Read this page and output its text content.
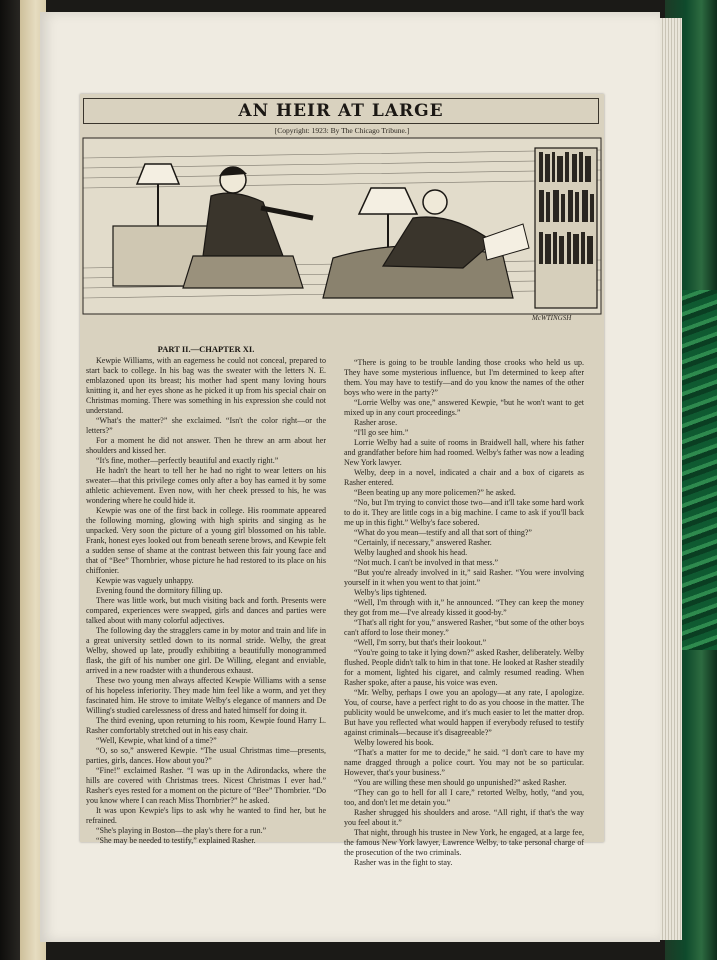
AN HEIR AT LARGE
[Copyright: 1923: By The Chicago Tribune.]
McWTINGSH
PART II.—CHAPTER XI.

Kewpie Williams, with an eagerness he could not conceal, prepared to start back to college. In his bag was the sweater with the letters N. E. emblazoned upon its breast; his mother had spent many loving hours knitting it, and her eyes shone as he picked it up from his special chair on Christmas morning. There was something in his expression she could not understand.

“What's the matter?” she exclaimed. “Isn't the color right—or the letters?”

For a moment he did not answer. Then he threw an arm about her shoulders and kissed her.

“It's fine, mother—perfectly beautiful and exactly right.”

He hadn't the heart to tell her he had no right to wear letters on his sweater—that this privilege comes only after a boy has earned it by some athletic achievement. Even now, with her cheek pressed to his, he was wondering where he could hide it.

Kewpie was one of the first back in college. His roommate appeared the following morning, glowing with high spirits and singing as he unpacked. Very soon the picture of a young girl blossomed on his table. Frank, honest eyes looked out from beneath serene brows, and Kewpie felt a sudden sense of shame at the contrast between this fair young face and that of “Bee” Thornbrier, whose picture he had restored to its place on his chiffonier.

Kewpie was vaguely unhappy.

Evening found the dormitory filling up.

There was little work, but much visiting back and forth. Presents were compared, experiences were swapped, girls and dances and parties were talked about with many colorful adjectives.

The following day the stragglers came in by motor and train and life in a great university settled down to its normal stride. Welby, the great Welby, showed up late, proudly exhibiting a beautifully monogrammed flask, the gift of his number one girl. De Willing, elegant and enviable, arrived in a new roadster with a thunderous exhaust.

These two young men always affected Kewpie Williams with a sense of his hopeless inferiority. They made him feel like a worm, and yet they fascinated him. He strove to imitate Welby's elegance of manners and De Willing's studied carelessness of dress and hated himself for doing it.

The third evening, upon returning to his room, Kewpie found Harry L. Rasher comfortably stretched out in his easy chair.

“Well, Kewpie, what kind of a time?”

“O, so so,” answered Kewpie. “The usual Christmas time—presents, parties, girls, dances. How about you?”

“Fine!” exclaimed Rasher. “I was up in the Adirondacks, where the hills are covered with Christmas trees. Nicest Christmas I ever had.” Rasher's eyes rested for a moment on the picture of “Bee” Thornbrier. “Do you know where I can reach Miss Thornbrier?” he asked.

It was upon Kewpie's lips to ask why he wanted to find her, but he refrained.

“She's playing in Boston—the play's there for a run.”

“She may be needed to testify,” explained Rasher.

“There is going to be trouble landing those crooks who held us up. They have some mysterious influence, but I'm determined to keep after them. You may have to testify—and do you know the names of the other boys who were in the party?”

“Lorrie Welby was one,” answered Kewpie, “but he won't want to get mixed up in any court proceedings.”

Rasher arose.

“I'll go see him.”

Lorrie Welby had a suite of rooms in Braidwell hall, where his father and grandfather before him had roomed. Welby's father was now a leading New York lawyer.

Welby, deep in a novel, indicated a chair and a box of cigarets as Rasher entered.

“Been beating up any more policemen?” he asked.

“No, but I'm trying to convict those two—and it'll take some hard work to do it. They are little cogs in a big machine. I came to ask if you'll back me up in this fight.” Welby's face sobered.

“What do you mean—testify and all that sort of thing?”

“Certainly, if necessary,” answered Rasher.

Welby laughed and shook his head.

“Not much. I can't be involved in that mess.”

“But you're already involved in it,” said Rasher. “You were involving yourself in it when you went to that joint.”

Welby's lips tightened.

“Well, I'm through with it,” he announced. “They can keep the money they got from me—I've already kissed it good-by.”

“That's all right for you,” answered Rasher, “but some of the other boys can't afford to lose their money.”

“Well, I'm sorry, but that's their lookout.”

“You're going to take it lying down?” asked Rasher, deliberately. Welby flushed. People didn't talk to him in that tone. He looked at Rasher steadily for a moment, lighted his cigaret, and calmly resumed reading. When Rasher spoke, after a pause, his voice was even.

“Mr. Welby, perhaps I owe you an apology—at any rate, I apologize. You, of course, have a perfect right to do as you choose in the matter. The publicity would be unwelcome, and it's much easier to let the matter drop. But have you reflected what would happen if everybody refused to testify against criminals—because it's disagreeable?”

Welby lowered his book.

“That's a matter for me to decide,” he said. “I don't care to have my name dragged through a police court. You may not be so particular. However, that's your business.”

“You are willing these men should go unpunished?” asked Rasher.

“They can go to hell for all I care,” retorted Welby, hotly, “and you, too, and don't let me detain you.”

Rasher shrugged his shoulders and arose. “All right, if that's the way you feel about it.”

That night, through his trustee in New York, he engaged, at a large fee, the famous New York lawyer, Lawrence Welby, to take personal charge of the prosecution of the two criminals.

Rasher was in the fight to stay.
